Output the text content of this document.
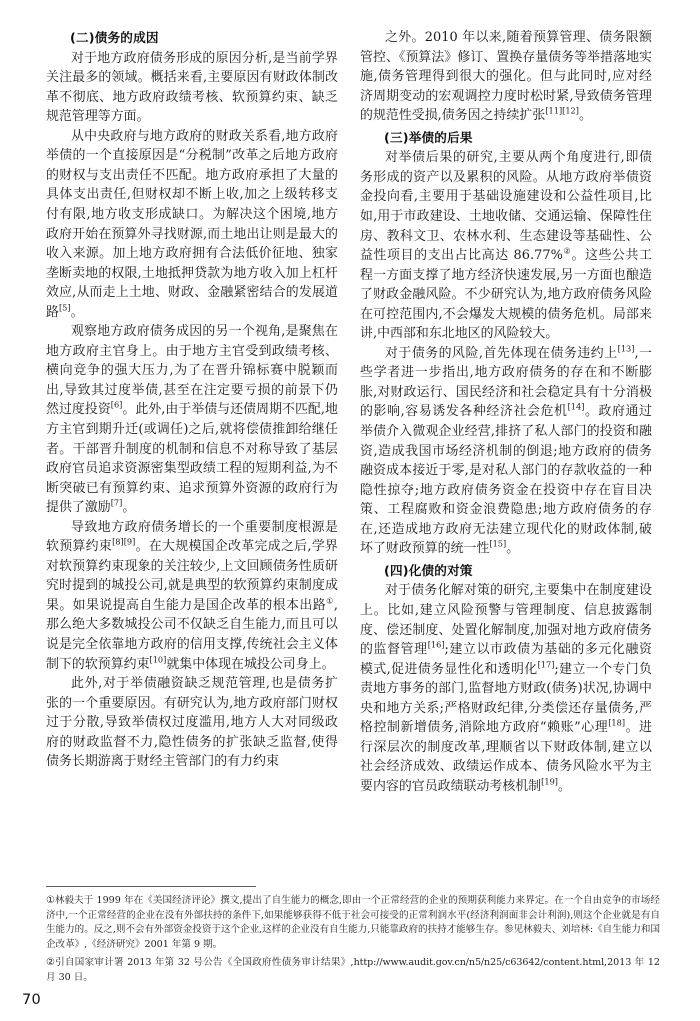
(二)债务的成因

对于地方政府债务形成的原因分析,是当前学界关注最多的领域。概括来看,主要原因有财政体制改革不彻底、地方政府政绩考核、软预算约束、缺乏规范管理等方面。

从中央政府与地方政府的财政关系看,地方政府举债的一个直接原因是“分税制”改革之后地方政府的财权与支出责任不匹配。地方政府承担了大量的具体支出责任,但财权却不断上收,加之上级转移支付有限,地方收支形成缺口。为解决这个困境,地方政府开始在预算外寻找财源,而土地出让则是最大的收入来源。加上地方政府拥有合法低价征地、独家垄断卖地的权限,土地抵押贷款为地方收入加上杠杆效应,从而走上土地、财政、金融紧密结合的发展道路[5]。

观察地方政府债务成因的另一个视角,是聚焦在地方政府主官身上。由于地方主官受到政绩考核、横向竞争的强大压力,为了在晋升锦标赛中脱颖而出,导致其过度举债,甚至在注定要亏损的前景下仍然过度投资[6]。此外,由于举债与还债周期不匹配,地方主官到期升迁(或调任)之后,就将偿债推卸给继任者。干部晋升制度的机制和信息不对称导致了基层政府官员追求资源密集型政绩工程的短期利益,为不断突破已有预算约束、追求预算外资源的政府行为提供了激励[7]。

导致地方政府债务增长的一个重要制度根源是软预算约束[8][9]。在大规模国企改革完成之后,学界对软预算约束现象的关注较少,上文回顾债务性质研究时提到的城投公司,就是典型的软预算约束制度成果。如果说提高自生能力是国企改革的根本出路①,那么绝大多数城投公司不仅缺乏自生能力,而且可以说是完全依靠地方政府的信用支撑,传统社会主义体制下的软预算约束[10]就集中体现在城投公司身上。

此外,对于举债融资缺乏规范管理,也是债务扩张的一个重要原因。有研究认为,地方政府部门财权过于分散,导致举债权过度滥用,地方人大对同级政府的财政监督不力,隐性债务的扩张缺乏监督,使得债务长期游离于财经主管部门的有力约束

之外。2010 年以来,随着预算管理、债务限额管控、《预算法》修订、置换存量债务等举措落地实施,债务管理得到很大的强化。但与此同时,应对经济周期变动的宏观调控力度时松时紧,导致债务管理的规范性受损,债务因之持续扩张[11][12]。

(三)举债的后果

对举债后果的研究,主要从两个角度进行,即债务形成的资产以及累积的风险。从地方政府举债资金投向看,主要用于基础设施建设和公益性项目,比如,用于市政建设、土地收储、交通运输、保障性住房、教科文卫、农林水利、生态建设等基础性、公益性项目的支出占比高达 86.77%②。这些公共工程一方面支撑了地方经济快速发展,另一方面也酿造了财政金融风险。不少研究认为,地方政府债务风险在可控范围内,不会爆发大规模的债务危机。局部来讲,中西部和东北地区的风险较大。

对于债务的风险,首先体现在债务违约上[13],一些学者进一步指出,地方政府债务的存在和不断膨胀,对财政运行、国民经济和社会稳定具有十分消极的影响,容易诱发各种经济社会危机[14]。政府通过举债介入微观企业经营,排挤了私人部门的投资和融资,造成我国市场经济机制的倒退;地方政府的债务融资成本接近于零,是对私人部门的存款收益的一种隐性掠夺;地方政府债务资金在投资中存在盲目决策、工程腐败和资金浪费隐患;地方政府债务的存在,还造成地方政府无法建立现代化的财政体制,破坏了财政预算的统一性[15]。

(四)化债的对策

对于债务化解对策的研究,主要集中在制度建设上。比如,建立风险预警与管理制度、信息披露制度、偿还制度、处置化解制度,加强对地方政府债务的监督管理[16];建立以市政债为基础的多元化融资模式,促进债务显性化和透明化[17];建立一个专门负责地方事务的部门,监督地方财政(债务)状况,协调中央和地方关系;严格财政纪律,分类偿还存量债务,严格控制新增债务,消除地方政府“赖账”心理[18]。进行深层次的制度改革,理顺省以下财政体制,建立以社会经济成效、政绩运作成本、债务风险水平为主要内容的官员政绩联动考核机制[19]。

①林毅夫于 1999 年在《美国经济评论》撰文,提出了自生能力的概念,即由一个正常经营的企业的预期获利能力来界定。在一个自由竞争的市场经济中,一个正常经营的企业在没有外部扶持的条件下,如果能够获得不低于社会可接受的正常利润水平(经济利润面非会计利润),则这个企业就是有自生能力的。反之,则不会有外部资金投资于这个企业,这样的企业没有自生能力,只能靠政府的扶持才能够生存。参见林毅夫、刘培林:《自生能力和国企改革》,《经济研究》2001 年第 9 期。

②引自国家审计署 2013 年第 32 号公告《全国政府性债务审计结果》,http://www.audit.gov.cn/n5/n25/c63642/content.html,2013 年 12 月 30 日。

70
